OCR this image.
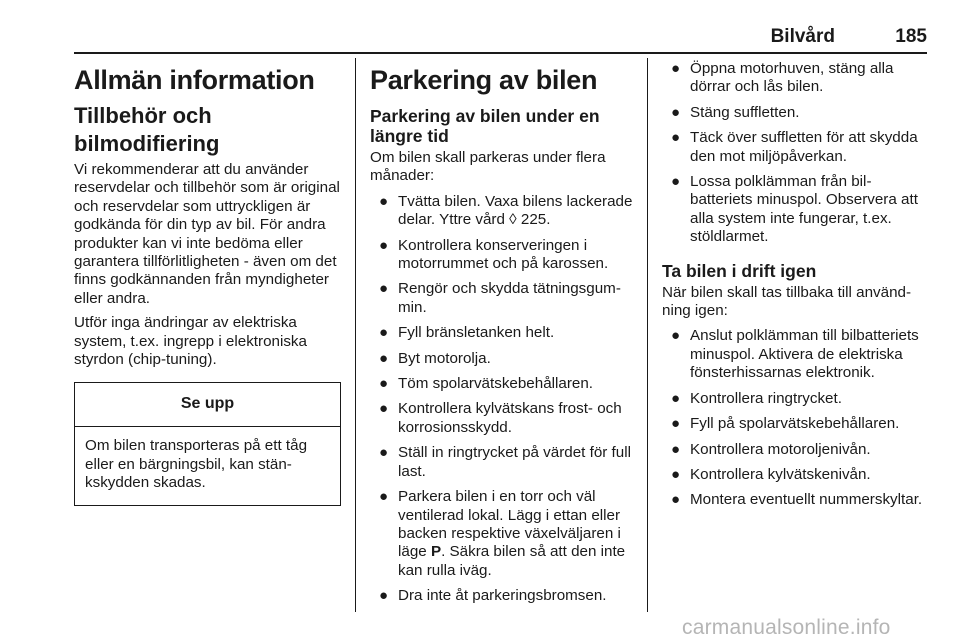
Bilvård	185
Allmän information
Tillbehör och bilmodifiering

Vi rekommenderar att du använder reservdelar och tillbehör som är original och reservdelar som uttryckligen är godkända för din typ av bil. För andra produkter kan vi inte bedöma eller garantera tillförlitligheten - även om det finns godkännanden från myndigheter eller andra.

Utför inga ändringar av elektriska system, t.ex. ingrepp i elektroniska styrdon (chip-tuning).

Se upp
Om bilen transporteras på ett tåg eller en bärgningsbil, kan stänkskydden skadas.
Parkering av bilen
Parkering av bilen under en längre tid

Om bilen skall parkeras under flera månader:

● Tvätta bilen. Vaxa bilens lackerade delar. Yttre vård ◊ 225.
● Kontrollera konserveringen i motorrummet och på karossen.
● Rengör och skydda tätningsgummin.
● Fyll bränsletanken helt.
● Byt motorolja.
● Töm spolarvätskebehållaren.
● Kontrollera kylvätskans frost- och korrosionsskydd.
● Ställ in ringtrycket på värdet för full last.
● Parkera bilen i en torr och väl ventilerad lokal. Lägg i ettan eller backen respektive växelväljaren i läge P. Säkra bilen så att den inte kan rulla iväg.
● Dra inte åt parkeringsbromsen.
● Öppna motorhuven, stäng alla dörrar och lås bilen.
● Stäng suffletten.
● Täck över suffletten för att skydda den mot miljöpåverkan.
● Lossa polklämman från bilbatteriets minuspol. Observera att alla system inte fungerar, t.ex. stöldlarmet.
Ta bilen i drift igen

När bilen skall tas tillbaka till användning igen:

● Anslut polklämman till bilbatteriets minuspol. Aktivera de elektriska fönsterhissarnas elektronik.
● Kontrollera ringtrycket.
● Fyll på spolarvätskebehållaren.
● Kontrollera motoroljenivån.
● Kontrollera kylvätskenivån.
● Montera eventuellt nummerskyltar.
carmanualsonline.info
